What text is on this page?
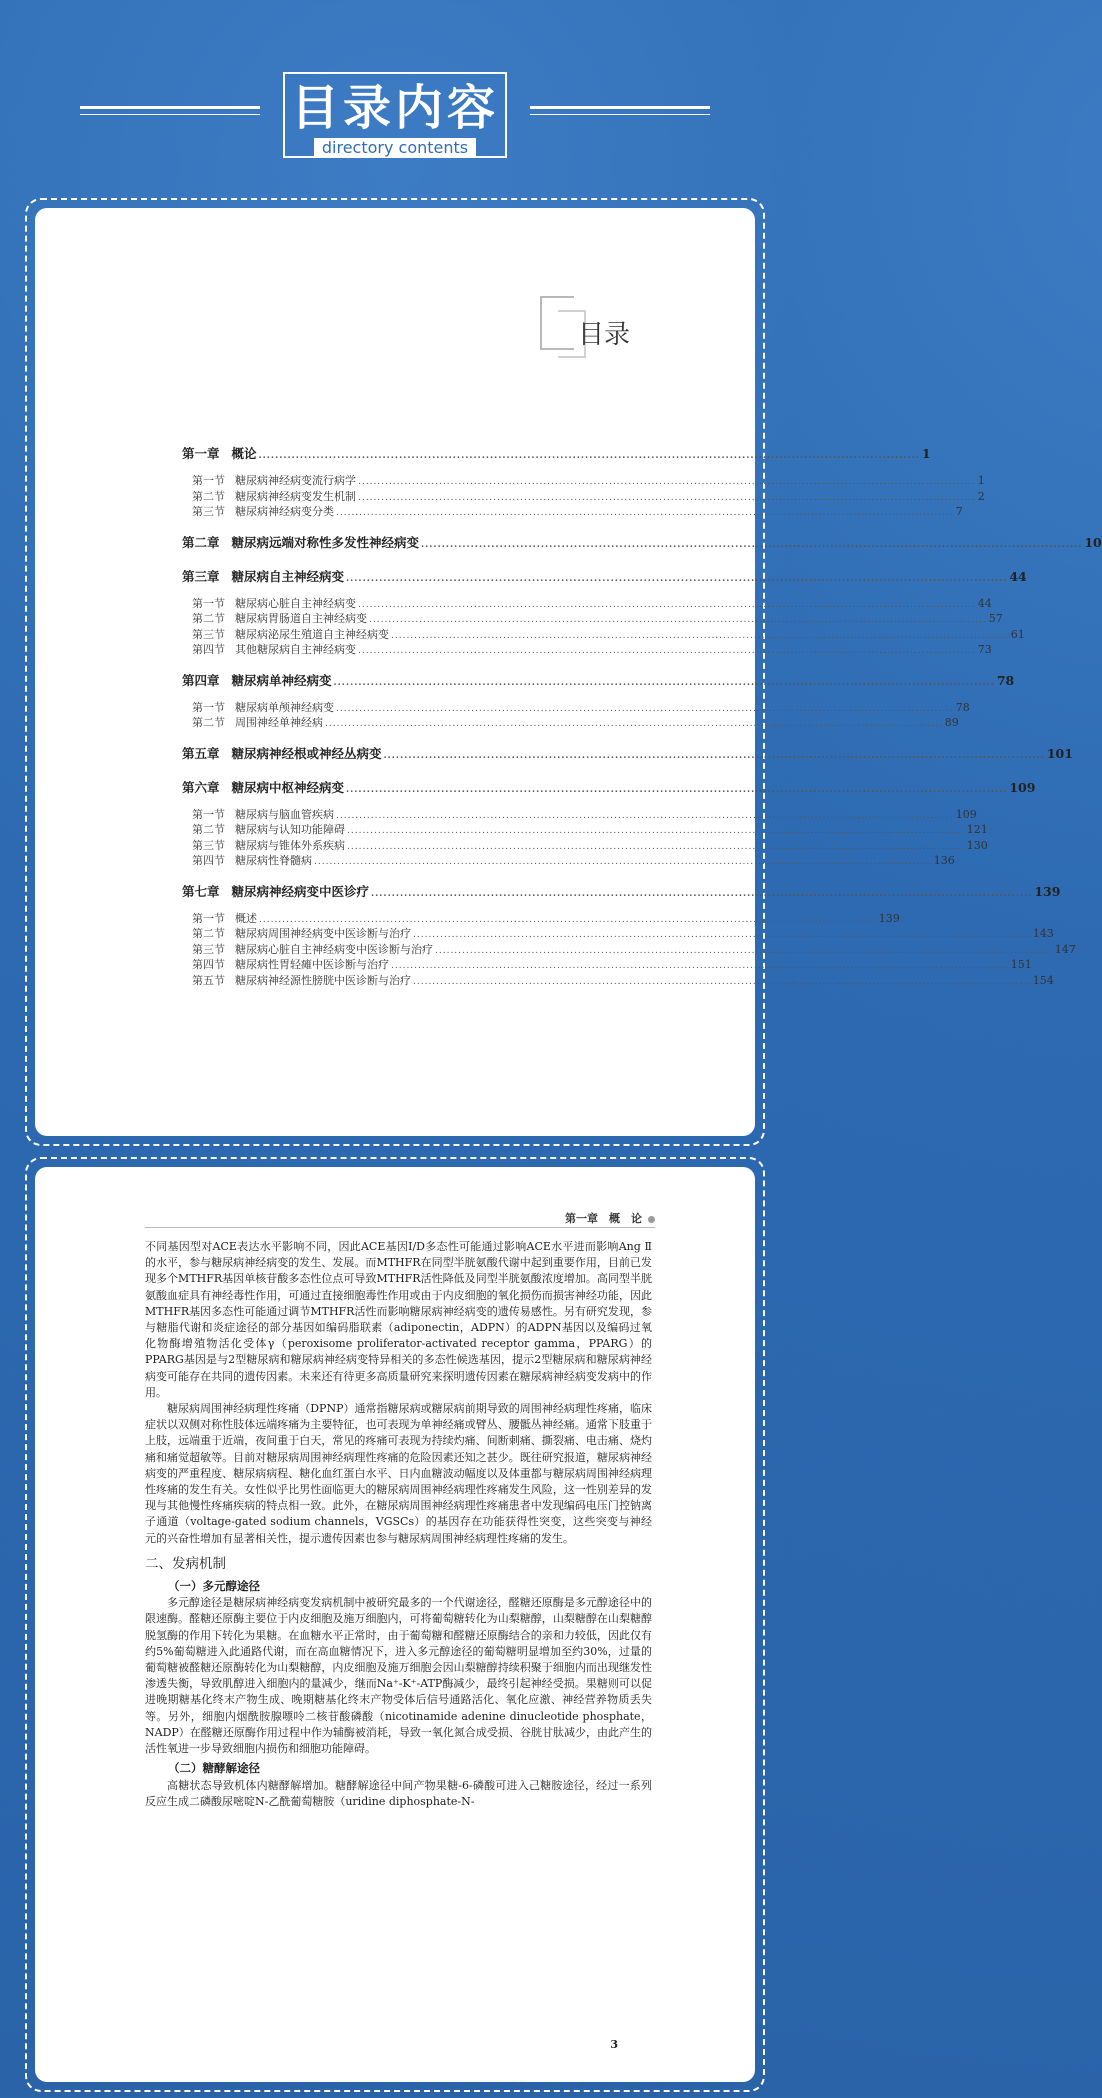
目录内容
directory contents
目录
第一章 概论 ................................................................................................................................................................ 1
第一节 糖尿病神经病变流行病学 ................................................................................................................................................................ 1
第二节 糖尿病神经病变发生机制 ................................................................................................................................................................ 2
第三节 糖尿病神经病变分类 ................................................................................................................................................................ 7
第二章 糖尿病远端对称性多发性神经病变 ................................................................................................................................................................ 10
第三章 糖尿病自主神经病变 ................................................................................................................................................................ 44
第一节 糖尿病心脏自主神经病变 ................................................................................................................................................................ 44
第二节 糖尿病胃肠道自主神经病变 ................................................................................................................................................................ 57
第三节 糖尿病泌尿生殖道自主神经病变 ................................................................................................................................................................ 61
第四节 其他糖尿病自主神经病变 ................................................................................................................................................................ 73
第四章 糖尿病单神经病变 ................................................................................................................................................................ 78
第一节 糖尿病单颅神经病变 ................................................................................................................................................................ 78
第二节 周围神经单神经病 ................................................................................................................................................................ 89
第五章 糖尿病神经根或神经丛病变 ................................................................................................................................................................ 101
第六章 糖尿病中枢神经病变 ................................................................................................................................................................ 109
第一节 糖尿病与脑血管疾病 ................................................................................................................................................................ 109
第二节 糖尿病与认知功能障碍 ................................................................................................................................................................ 121
第三节 糖尿病与锥体外系疾病 ................................................................................................................................................................ 130
第四节 糖尿病性脊髓病 ................................................................................................................................................................ 136
第七章 糖尿病神经病变中医诊疗 ................................................................................................................................................................ 139
第一节 概述 ................................................................................................................................................................ 139
第二节 糖尿病周围神经病变中医诊断与治疗 ................................................................................................................................................................ 143
第三节 糖尿病心脏自主神经病变中医诊断与治疗 ................................................................................................................................................................ 147
第四节 糖尿病性胃轻瘫中医诊断与治疗 ................................................................................................................................................................ 151
第五节 糖尿病神经源性膀胱中医诊断与治疗 ................................................................................................................................................................ 154
第一章　概　论

不同基因型对ACE表达水平影响不同，因此ACE基因I/D多态性可能通过影响ACE水平进而影响Ang Ⅱ的水平，参与糖尿病神经病变的发生、发展。而MTHFR在同型半胱氨酸代谢中起到重要作用，目前已发现多个MTHFR基因单核苷酸多态性位点可导致MTHFR活性降低及同型半胱氨酸浓度增加。高同型半胱氨酸血症具有神经毒性作用，可通过直接细胞毒性作用或由于内皮细胞的氧化损伤而损害神经功能，因此MTHFR基因多态性可能通过调节MTHFR活性而影响糖尿病神经病变的遗传易感性。另有研究发现，参与糖脂代谢和炎症途径的部分基因如编码脂联素（adiponectin，ADPN）的ADPN基因以及编码过氧化物酶增殖物活化受体γ（peroxisome proliferator-activated receptor gamma，PPARG）的PPARG基因是与2型糖尿病和糖尿病神经病变特异相关的多态性候选基因，提示2型糖尿病和糖尿病神经病变可能存在共同的遗传因素。未来还有待更多高质量研究来探明遗传因素在糖尿病神经病变发病中的作用。

糖尿病周围神经病理性疼痛（DPNP）通常指糖尿病或糖尿病前期导致的周围神经病理性疼痛，临床症状以双侧对称性肢体远端疼痛为主要特征，也可表现为单神经痛或臂丛、腰骶丛神经痛。通常下肢重于上肢，远端重于近端，夜间重于白天，常见的疼痛可表现为持续灼痛、间断刺痛、撕裂痛、电击痛、烧灼痛和痛觉超敏等。目前对糖尿病周围神经病理性疼痛的危险因素还知之甚少。既往研究报道，糖尿病神经病变的严重程度、糖尿病病程、糖化血红蛋白水平、日内血糖波动幅度以及体重都与糖尿病周围神经病理性疼痛的发生有关。女性似乎比男性面临更大的糖尿病周围神经病理性疼痛发生风险，这一性别差异的发现与其他慢性疼痛疾病的特点相一致。此外，在糖尿病周围神经病理性疼痛患者中发现编码电压门控钠离子通道（voltage-gated sodium channels，VGSCs）的基因存在功能获得性突变，这些突变与神经元的兴奋性增加有显著相关性，提示遗传因素也参与糖尿病周围神经病理性疼痛的发生。

二、发病机制
（一）多元醇途径

多元醇途径是糖尿病神经病变发病机制中被研究最多的一个代谢途径，醛糖还原酶是多元醇途径中的限速酶。醛糖还原酶主要位于内皮细胞及施万细胞内，可将葡萄糖转化为山梨糖醇，山梨糖醇在山梨糖醇脱氢酶的作用下转化为果糖。在血糖水平正常时，由于葡萄糖和醛糖还原酶结合的亲和力较低，因此仅有约5%葡萄糖进入此通路代谢，而在高血糖情况下，进入多元醇途径的葡萄糖明显增加至约30%，过量的葡萄糖被醛糖还原酶转化为山梨糖醇，内皮细胞及施万细胞会因山梨糖醇持续积聚于细胞内而出现继发性渗透失衡，导致肌醇进入细胞内的量减少，继而Na⁺-K⁺-ATP酶减少，最终引起神经受损。果糖则可以促进晚期糖基化终末产物生成、晚期糖基化终末产物受体后信号通路活化、氧化应激、神经营养物质丢失等。另外，细胞内烟酰胺腺嘌呤二核苷酸磷酸（nicotinamide adenine dinucleotide phosphate，NADP）在醛糖还原酶作用过程中作为辅酶被消耗，导致一氧化氮合成受损、谷胱甘肽减少，由此产生的活性氧进一步导致细胞内损伤和细胞功能障碍。

（二）糖酵解途径

高糖状态导致机体内糖酵解增加。糖酵解途径中间产物果糖-6-磷酸可进入己糖胺途径，经过一系列反应生成二磷酸尿嘧啶N-乙酰葡萄糖胺（uridine diphosphate-N-

3
